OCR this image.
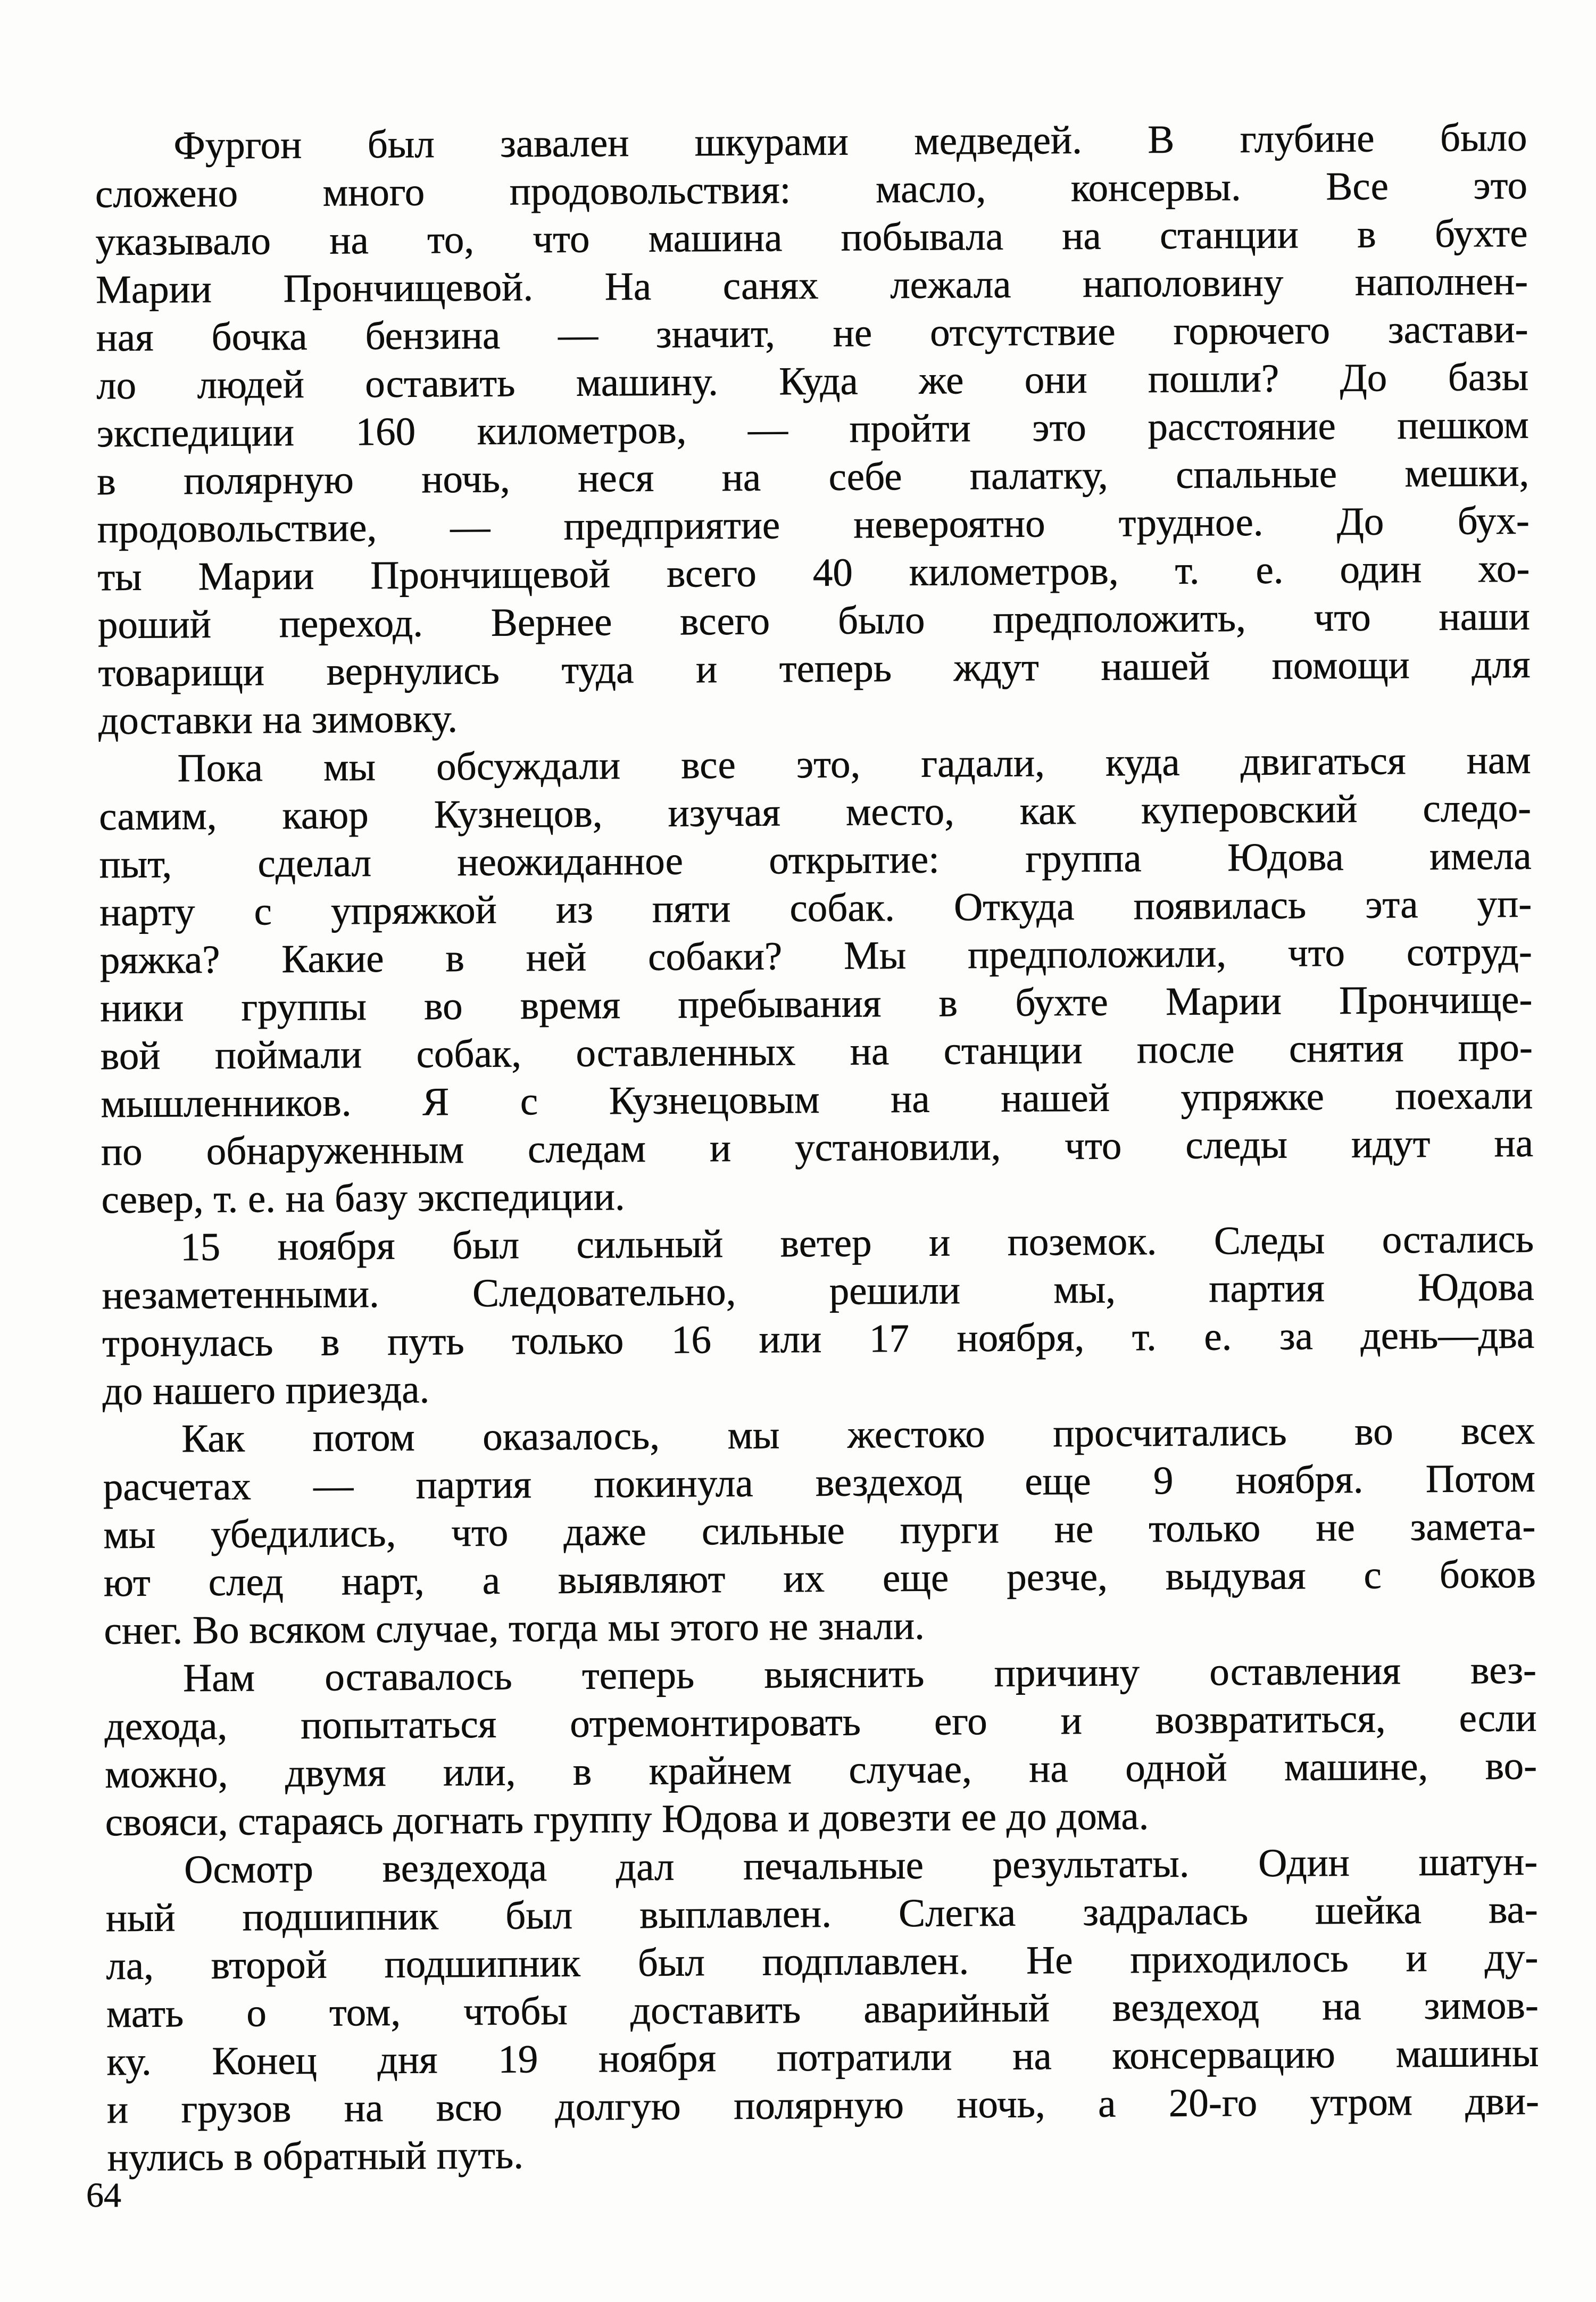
Фургон был завален шкурами медведей. В глубине было
сложено много продовольствия: масло, консервы. Все это
указывало на то, что машина побывала на станции в бухте
Марии Прончищевой. На санях лежала наполовину наполнен-
ная бочка бензина — значит, не отсутствие горючего застави-
ло людей оставить машину. Куда же они пошли? До базы
экспедиции 160 километров, — пройти это расстояние пешком
в полярную ночь, неся на себе палатку, спальные мешки,
продовольствие, — предприятие невероятно трудное. До бух-
ты Марии Прончищевой всего 40 километров, т. е. один хо-
роший переход. Вернее всего было предположить, что наши
товарищи вернулись туда и теперь ждут нашей помощи для
доставки на зимовку.
Пока мы обсуждали все это, гадали, куда двигаться нам
самим, каюр Кузнецов, изучая место, как куперовский следо-
пыт, сделал неожиданное открытие: группа Юдова имела
нарту с упряжкой из пяти собак. Откуда появилась эта уп-
ряжка? Какие в ней собаки? Мы предположили, что сотруд-
ники группы во время пребывания в бухте Марии Прончище-
вой поймали собак, оставленных на станции после снятия про-
мышленников. Я с Кузнецовым на нашей упряжке поехали
по обнаруженным следам и установили, что следы идут на
север, т. е. на базу экспедиции.
15 ноября был сильный ветер и поземок. Следы остались
незаметенными. Следовательно, решили мы, партия Юдова
тронулась в путь только 16 или 17 ноября, т. е. за день—два
до нашего приезда.
Как потом оказалось, мы жестоко просчитались во всех
расчетах — партия покинула вездеход еще 9 ноября. Потом
мы убедились, что даже сильные пурги не только не замета-
ют след нарт, а выявляют их еще резче, выдувая с боков
снег. Во всяком случае, тогда мы этого не знали.
Нам оставалось теперь выяснить причину оставления вез-
дехода, попытаться отремонтировать его и возвратиться, если
можно, двумя или, в крайнем случае, на одной машине, во-
свояси, стараясь догнать группу Юдова и довезти ее до дома.
Осмотр вездехода дал печальные результаты. Один шатун-
ный подшипник был выплавлен. Слегка задралась шейка ва-
ла, второй подшипник был подплавлен. Не приходилось и ду-
мать о том, чтобы доставить аварийный вездеход на зимов-
ку. Конец дня 19 ноября потратили на консервацию машины
и грузов на всю долгую полярную ночь, а 20-го утром дви-
нулись в обратный путь.
64
